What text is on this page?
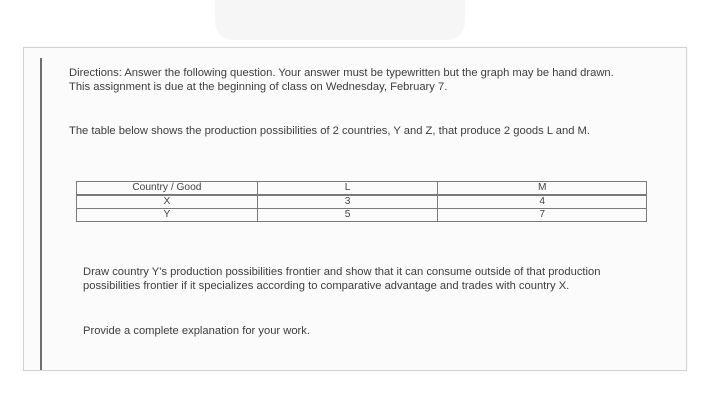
Directions: Answer the following question. Your answer must be typewritten but the graph may be hand drawn. This assignment is due at the beginning of class on Wednesday, February 7.
The table below shows the production possibilities of 2 countries, Y and Z, that produce 2 goods L and M.
Country / Good	L	M
X	3	4
Y	5	7
Draw country Y's production possibilities frontier and show that it can consume outside of that production possibilities frontier if it specializes according to comparative advantage and trades with country X.
Provide a complete explanation for your work.
